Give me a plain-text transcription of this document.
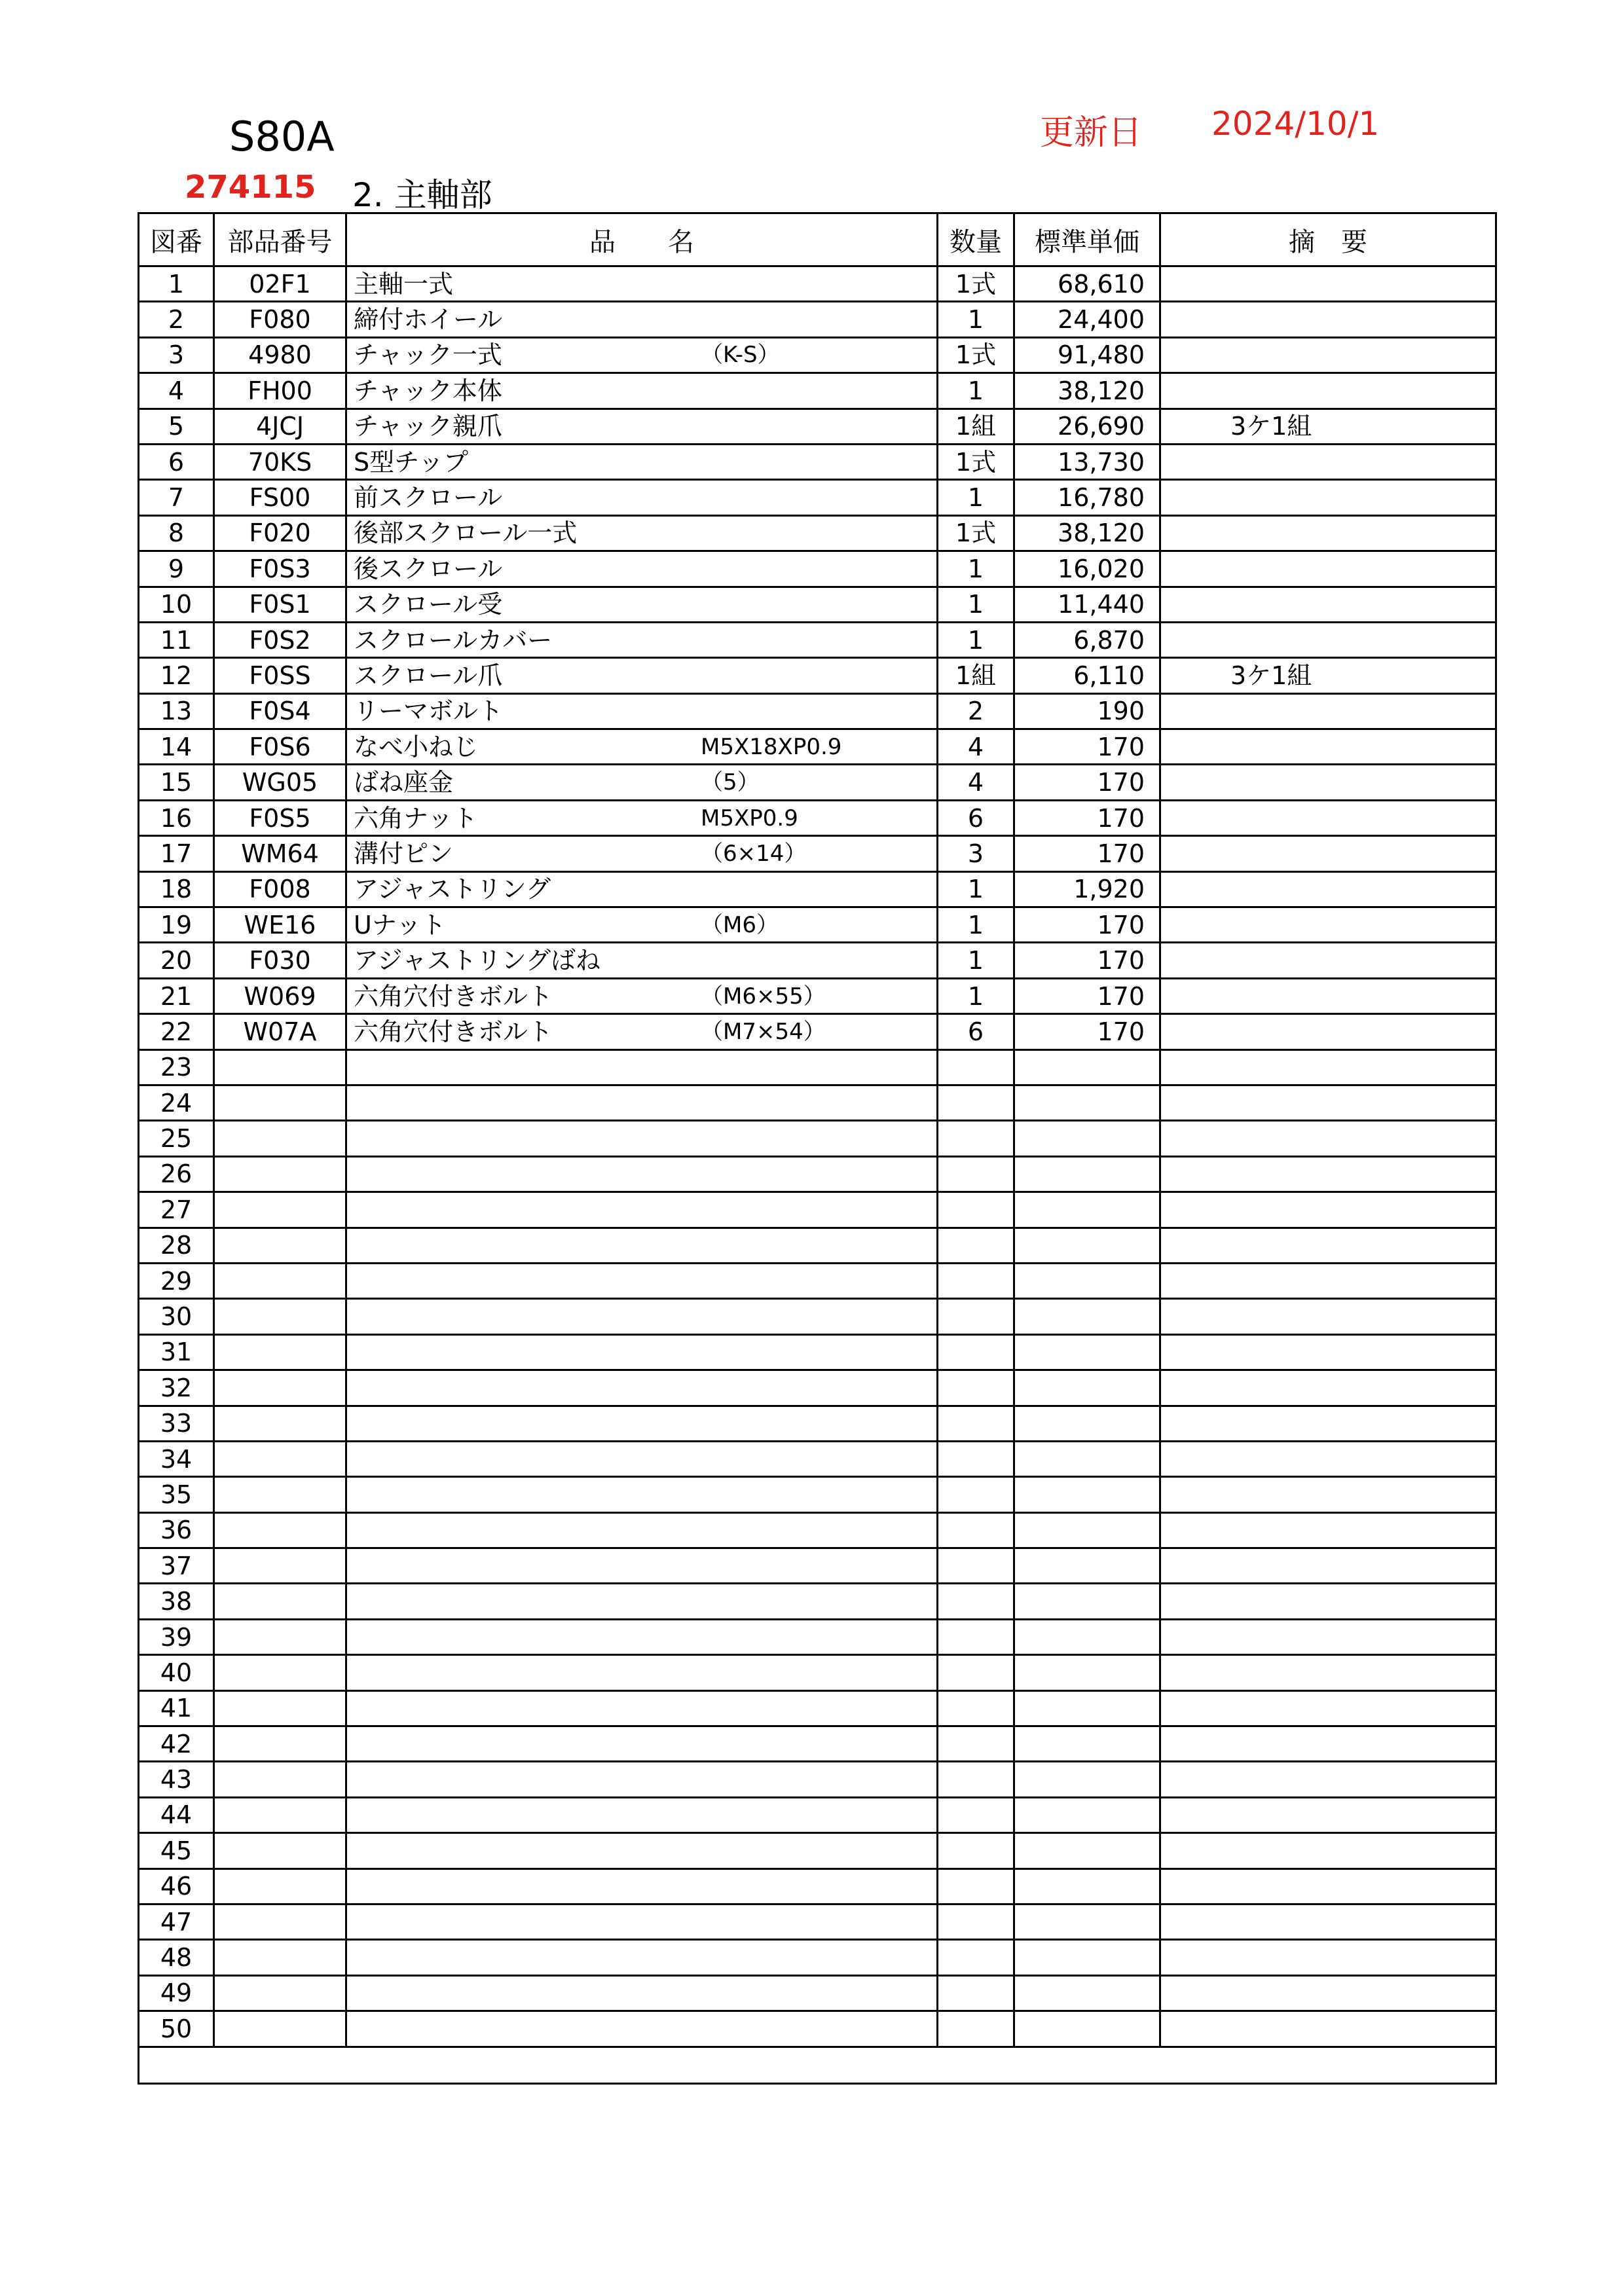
S80A	更新日 2024/10/1
274115 2. 主軸部
図番	部品番号	品　　名	数量	標準単価	摘　要
1	02F1	主軸一式	1式	68,610	
2	F080	締付ホイール	1	24,400	
3	4980	チャック一式 （K-S）	1式	91,480	
4	FH00	チャック本体	1	38,120	
5	4JCJ	チャック親爪	1組	26,690	3ケ1組
6	70KS	S型チップ	1式	13,730	
7	FS00	前スクロール	1	16,780	
8	F020	後部スクロール一式	1式	38,120	
9	F0S3	後スクロール	1	16,020	
10	F0S1	スクロール受	1	11,440	
11	F0S2	スクロールカバー	1	6,870	
12	F0SS	スクロール爪	1組	6,110	3ケ1組
13	F0S4	リーマボルト	2	190	
14	F0S6	なべ小ねじ M5X18XP0.9	4	170	
15	WG05	ばね座金 （5）	4	170	
16	F0S5	六角ナット M5XP0.9	6	170	
17	WM64	溝付ピン （6×14）	3	170	
18	F008	アジャストリング	1	1,920	
19	WE16	Uナット （M6）	1	170	
20	F030	アジャストリングばね	1	170	
21	W069	六角穴付きボルト （M6×55）	1	170	
22	W07A	六角穴付きボルト （M7×54）	6	170	
23		

24		

25		

26		

27		

28		

29		

30		

31		

32		

33		

34		

35		

36		

37		

38		

39		

40		

41		

42		

43		

44		

45		

46		

47		

48		

49		

50		
